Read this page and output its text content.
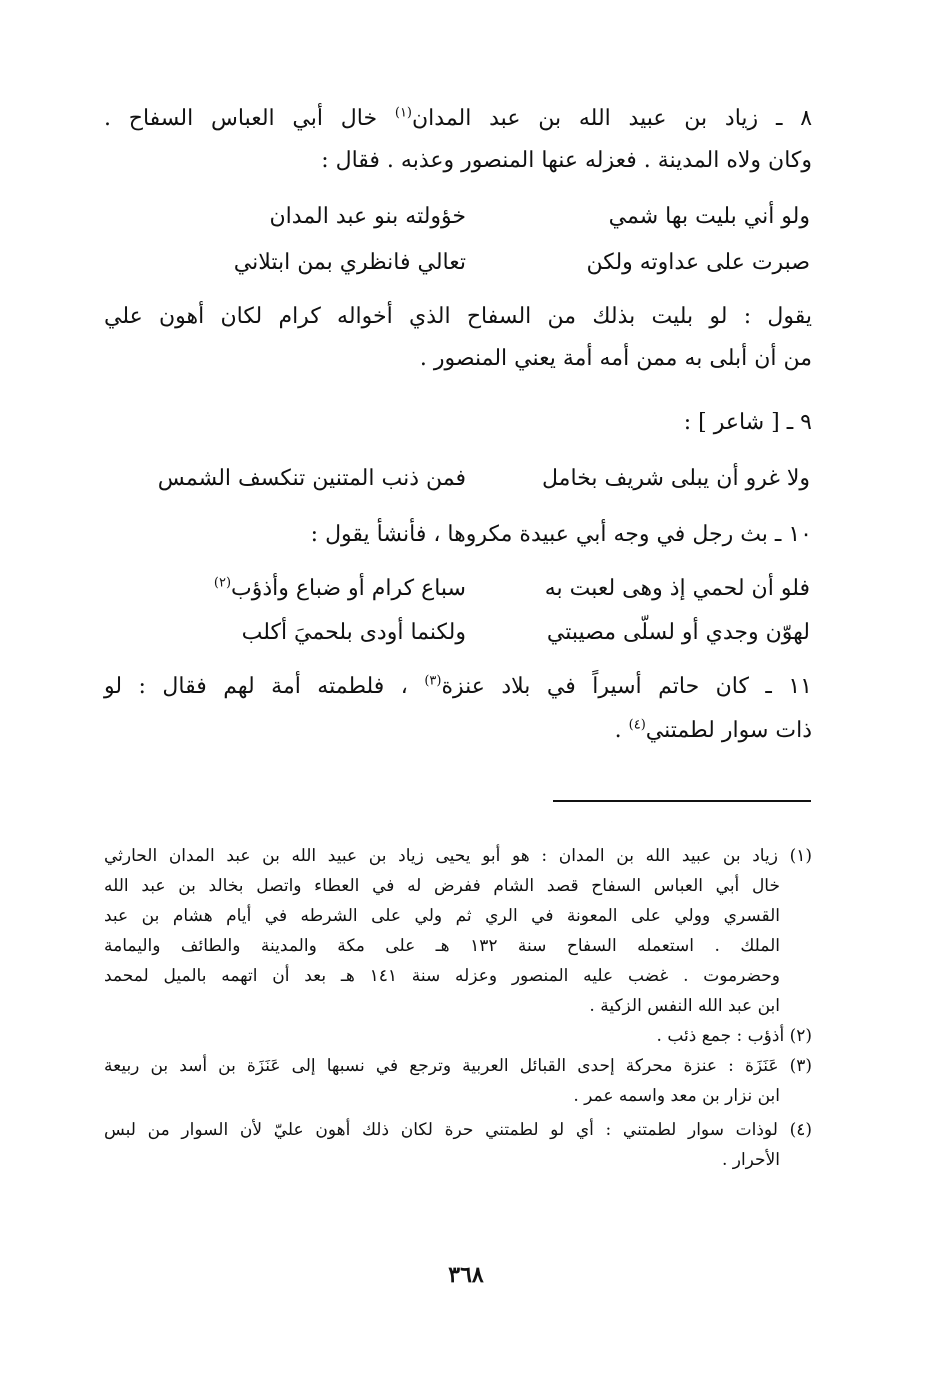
٨ ـ زياد بن عبيد الله بن عبد المدان$^{(١)}$ خال أبي العباس السفاح .
وكان ولاه المدينة . فعزله عنها المنصور وعذبه . فقال :
ولو أني بليت بها شمي
خؤولته بنو عبد المدان
صبرت على عداوته ولكن
تعالي فانظري بمن ابتلاني
يقول : لو بليت بذلك من السفاح الذي أخواله كرام لكان أهون علي
من أن أبلى به ممن أمه أمة يعني المنصور .
٩ ـ [ شاعر ] :
ولا غرو أن يبلى شريف بخامل
فمن ذنب المتنين تنكسف الشمس
١٠ ـ بث رجل في وجه أبي عبيدة مكروها ، فأنشأ يقول :
فلو أن لحمي إذ وهى لعبت به
سباع كرام أو ضباع وأذؤب$^{(٢)}$
لهوّن وجدي أو لسلّى مصيبتي
ولكنما أودى بلحميَ أكلب
١١ ـ كان حاتم أسيراً في بلاد عنزة$^{(٣)}$ ، فلطمته أمة لهم فقال : لو
ذات سوار لطمتني$^{(٤)}$ .
(١) زياد بن عبيد الله بن المدان : هو أبو يحيى زياد بن عبيد الله بن عبد المدان الحارثي
خال أبي العباس السفاح قصد الشام ففرض له في العطاء واتصل بخالد بن عبد الله
القسري وولي على المعونة في الري ثم ولي على الشرطه في أيام هشام بن عبد
الملك . استعمله السفاح سنة ١٣٢ هـ على مكة والمدينة والطائف واليمامة
وحضرموت . غضب عليه المنصور وعزله سنة ١٤١ هـ بعد أن اتهمه بالميل لمحمد
ابن عبد الله النفس الزكية .
(٢) أذؤب : جمع ذئب .
(٣) عَنَزَة : عنزة محركة إحدى القبائل العربية وترجع في نسبها إلى عَنَزَة بن أسد بن ربيعة
ابن نزار بن معد واسمه عمر .
(٤) لوذات سوار لطمتني : أي لو لطمتني حرة لكان ذلك أهون عليّ لأن السوار من لبس
الأحرار .
٣٦٨
